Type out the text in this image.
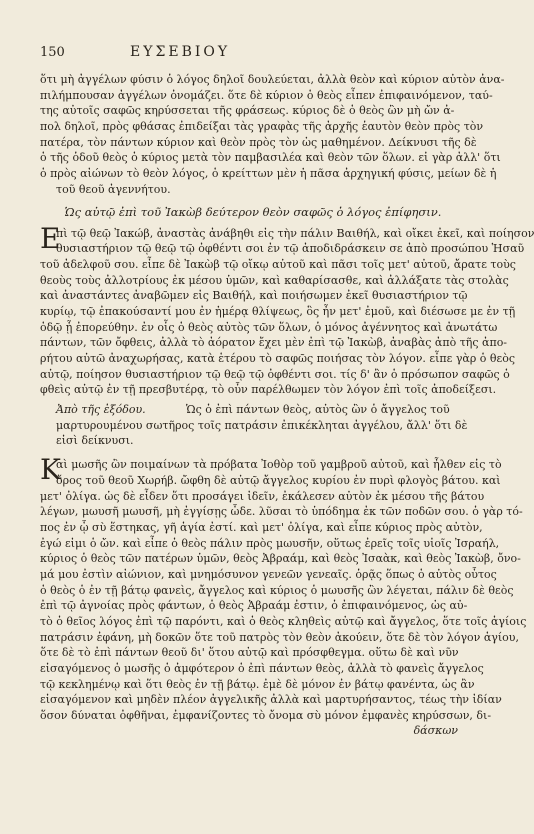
150	ΕΥΣΕΒΙΟΥ
ὅτι μὴ ἀγγέλων φύσιν ὁ λόγος δηλοῖ δουλεύεται, ἀλλὰ θεὸν καὶ κύριον αὐτὸν ἀνα-
πιλήμπουσαν ἀγγέλων ὀνομάζει. ὅτε δὲ κύριον ὁ θεὸς εἶπεν ἐπιφαινόμενον, ταύ-
της αὐτοῖς σαφῶς κηρύσσεται τῆς φράσεως. κύριος δὲ ὁ θεὸς ὢν μὴ ὤν ἀ-
πολ δηλοῖ, πρὸς φθάσας ἐπιδείξαι τὰς γραφὰς τῆς ἀρχῆς ἑαυτὸν θεὸν πρὸς τὸν
πατέρα, τὸν πάντων κύριον καὶ θεὸν πρὸς τὸν ὡς μαθημένον. Δείκνυσι τῆς δὲ
ὁ τῆς ὁδοῦ θεὸς ὁ κύριος μετὰ τὸν παμβασιλέα καὶ θεὸν τῶν ὅλων. εἰ γὰρ ἀλλ' ὅτι
ὁ πρὸς αἰώνων τὸ θεὸν λόγος, ὁ κρείττων μὲν ἡ πᾶσα ἀρχηγική φύσις, μείων δὲ ἡ
τοῦ θεοῦ ἀγεννήτου.
Ὡς αὐτῷ ἐπὶ τοῦ Ἰακὼβ δεύτερον θεὸν σαφῶς ὁ λόγος ἐπίφησιν.
Ε
πὶ τῷ θεῷ Ἰακώβ, ἀναστὰς ἀνάβηθι εἰς τὴν πάλιν Βαιθήλ, καὶ οἴκει ἐκεῖ, καὶ ποίησον
θυσιαστήριον τῷ θεῷ τῷ ὀφθέντι σοι ἐν τῷ ἀποδιδράσκειν σε ἀπὸ προσώπου Ἡσαῦ
τοῦ ἀδελφοῦ σου. εἶπε δὲ Ἰακὼβ τῷ οἴκῳ αὐτοῦ καὶ πᾶσι τοῖς μετ' αὐτοῦ, ἄρατε τοὺς
θεοὺς τοὺς ἀλλοτρίους ἐκ μέσου ὑμῶν, καὶ καθαρίσασθε, καὶ ἀλλάξατε τὰς στολὰς
καὶ ἀναστάντες ἀναβῶμεν εἰς Βαιθήλ, καὶ ποιήσωμεν ἐκεῖ θυσιαστήριον τῷ
κυρίῳ, τῷ ἐπακούσαντί μου ἐν ἡμέρᾳ θλίψεως, ὃς ἦν μετ' ἐμοῦ, καὶ διέσωσε με ἐν τῇ
ὁδῷ ᾗ ἐπορεύθην. ἐν οἷς ὁ θεὸς αὐτὸς τῶν ὅλων, ὁ μόνος ἀγέννητος καὶ ἀνωτάτω
πάντων, τῶν ὄφθεις, ἀλλὰ τὸ ἀόρατον ἔχει μὲν ἐπὶ τῷ Ἰακὼβ, ἀναβὰς ἀπὸ τῆς ἀπο-
ρήτου αὐτῶ ἀναχωρήσας, κατὰ ἑτέρου τὸ σαφῶς ποιήσας τὸν λόγον. εἶπε γὰρ ὁ θεὸς
αὐτῷ, ποίησον θυσιαστήριον τῷ θεῷ τῷ ὀφθέντι σοι. τίς δ' ἂν ὁ πρόσωπον σαφῶς ὁ
φθεὶς αὐτῷ ἐν τῇ πρεσβυτέρᾳ, τὸ οὖν παρέλθωμεν τὸν λόγον ἐπὶ τοῖς ἀποδείξεσι.
Ἀπὸ τῆς ἐξόδου.	Ὡς ὁ ἐπὶ πάντων θεὸς, αὐτὸς ὢν ὁ ἄγγελος τοῦ
μαρτυρουμένου σωτῆρος τοῖς πατράσιν ἐπικέκληται ἀγγέλου, ἄλλ' ὅτι δὲ
εἰσὶ δείκνυσι.
Κ
αὶ μωσῆς ὢν ποιμαίνων τὰ πρόβατα Ἰοθὸρ τοῦ γαμβροῦ αὐτοῦ, καὶ ἦλθεν εἰς τὸ
ὄρος τοῦ θεοῦ Χωρήβ. ὤφθη δὲ αὐτῷ ἄγγελος κυρίου ἐν πυρὶ φλογὸς βάτου. καὶ
μετ' ὀλίγα. ὡς δὲ εἶδεν ὅτι προσάγει ἰδεῖν, ἐκάλεσεν αὐτὸν ἐκ μέσου τῆς βάτου
λέγων, μωυσῆ μωυσῆ, μὴ ἐγγίσῃς ὧδε. λῦσαι τὸ ὑπόδημα ἐκ τῶν ποδῶν σου. ὁ γὰρ τό-
πος ἐν ᾧ σὺ ἕστηκας, γῆ ἁγία ἐστί. καὶ μετ' ὀλίγα, καὶ εἶπε κύριος πρὸς αὐτὸν,
ἐγώ εἰμι ὁ ὤν. καὶ εἶπε ὁ θεὸς πάλιν πρὸς μωυσῆν, οὕτως ἐρεῖς τοῖς υἱοῖς Ἰσραήλ,
κύριος ὁ θεὸς τῶν πατέρων ὑμῶν, θεὸς Ἀβραάμ, καὶ θεὸς Ἰσαὰκ, καὶ θεὸς Ἰακὼβ, ὄνο-
μά μου ἐστὶν αἰώνιον, καὶ μνημόσυνον γενεῶν γενεαῖς. ὁρᾷς ὅπως ὁ αὐτὸς οὗτος
ὁ θεὸς ὁ ἐν τῇ βάτῳ φανεὶς, ἄγγελος καὶ κύριος ὁ μωυσῆς ὢν λέγεται, πάλιν δὲ θεὸς
ἐπὶ τῷ ἀγνοίας πρὸς φάντων, ὁ θεὸς Ἀβραάμ ἐστιν, ὁ ἐπιφαινόμενος, ὡς αὐ-
τὸ ὁ θεῖος λόγος ἐπὶ τῷ παρόντι, καὶ ὁ θεὸς κληθεὶς αὐτῷ καὶ ἄγγελος, ὅτε τοῖς ἁγίοις
πατράσιν ἐφάνη, μὴ δοκῶν ὅτε τοῦ πατρὸς τὸν θεὸν ἀκούειν, ὅτε δὲ τὸν λόγον ἁγίου,
ὅτε δὲ τὸ ἐπὶ πάντων θεοῦ δι' ὅτου αὐτῷ καὶ πρόσφθεγμα. οὕτω δὲ καὶ νῦν
εἰσαγόμενος ὁ μωσῆς ὁ ἀμφότερον ὁ ἐπὶ πάντων θεὸς, ἀλλὰ τὸ φανεὶς ἄγγελος
τῷ κεκλημένῳ καὶ ὅτι θεὸς ἐν τῇ βάτῳ. ἐμὲ δὲ μόνον ἐν βάτῳ φανέντα, ὡς ἂν
εἰσαγόμενον καὶ μηδὲν πλέον ἀγγελικῆς ἀλλὰ καὶ μαρτυρήσαντος, τέως τὴν ἰδίαν
ὅσον δύναται ὀφθῆναι, ἐμφανίζοντες τὸ ὄνομα σὺ μόνον ἐμφανὲς κηρύσσων, δι-
δάσκων
